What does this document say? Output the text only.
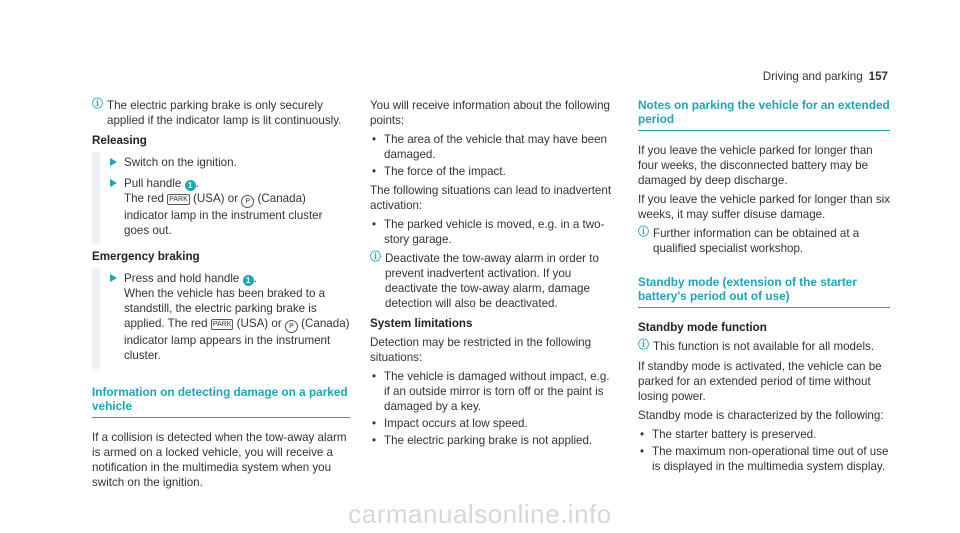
Driving and parking 157
ⓘ The electric parking brake is only securely applied if the indicator lamp is lit continuously.
Releasing
Switch on the ignition.
Pull handle 1 .
The red PARK (USA) or P (Canada) indicator lamp in the instrument cluster goes out.
Emergency braking
Press and hold handle 1 .
When the vehicle has been braked to a standstill, the electric parking brake is applied. The red PARK (USA) or P (Canada) indicator lamp appears in the instrument cluster.
Information on detecting damage on a parked vehicle

If a collision is detected when the tow-away alarm is armed on a locked vehicle, you will receive a notification in the multimedia system when you switch on the ignition.

You will receive information about the following points:

• The area of the vehicle that may have been damaged.
• The force of the impact.

The following situations can lead to inadvertent activation:

• The parked vehicle is moved, e.g. in a two-story garage.
ⓘ Deactivate the tow-away alarm in order to prevent inadvertent activation. If you deactivate the tow-away alarm, damage detection will also be deactivated.
System limitations

Detection may be restricted in the following situations:

• The vehicle is damaged without impact, e.g. if an outside mirror is torn off or the paint is damaged by a key.
• Impact occurs at low speed.
• The electric parking brake is not applied.
Notes on parking the vehicle for an extended period

If you leave the vehicle parked for longer than four weeks, the disconnected battery may be damaged by deep discharge.

If you leave the vehicle parked for longer than six weeks, it may suffer disuse damage.

ⓘ Further information can be obtained at a qualified specialist workshop.
Standby mode (extension of the starter battery's period out of use)
Standby mode function
ⓘ This function is not available for all models.

If standby mode is activated, the vehicle can be parked for an extended period of time without losing power.

Standby mode is characterized by the following:

• The starter battery is preserved.
• The maximum non-operational time out of use is displayed in the multimedia system display.
carmanualsonline.info
